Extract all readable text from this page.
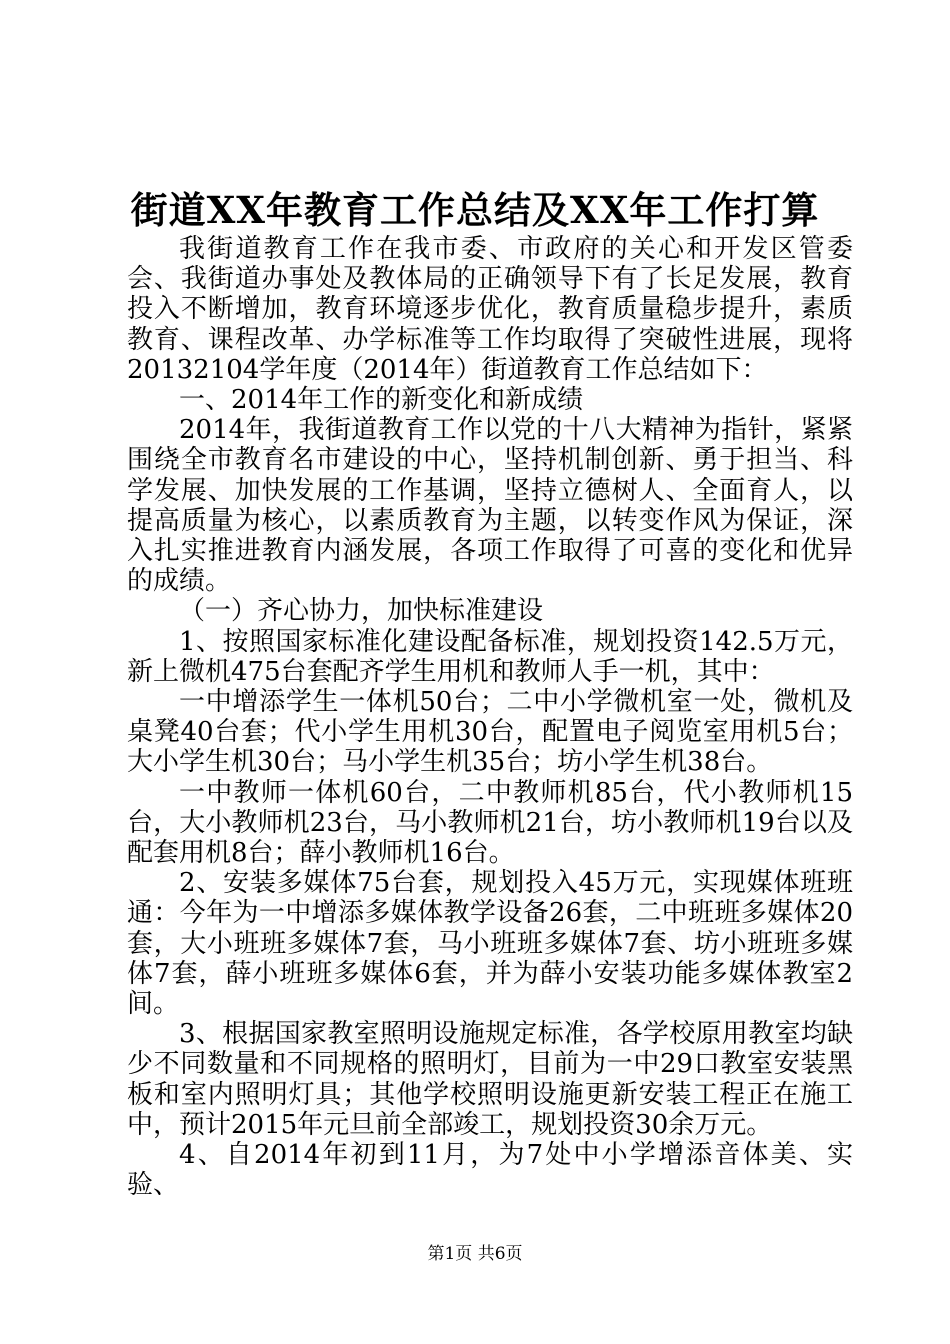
街道XX年教育工作总结及XX年工作打算

我街道教育工作在我市委、市政府的关心和开发区管委会、我街道办事处及教体局的正确领导下有了长足发展，教育投入不断增加，教育环境逐步优化，教育质量稳步提升，素质教育、课程改革、办学标准等工作均取得了突破性进展，现将20132104学年度（2014年）街道教育工作总结如下：

一、2014年工作的新变化和新成绩

2014年，我街道教育工作以党的十八大精神为指针，紧紧围绕全市教育名市建设的中心，坚持机制创新、勇于担当、科学发展、加快发展的工作基调，坚持立德树人、全面育人，以提高质量为核心，以素质教育为主题，以转变作风为保证，深入扎实推进教育内涵发展，各项工作取得了可喜的变化和优异的成绩。

（一）齐心协力，加快标准建设

1、按照国家标准化建设配备标准，规划投资142.5万元，新上微机475台套配齐学生用机和教师人手一机，其中：

一中增添学生一体机50台；二中小学微机室一处，微机及桌凳40台套；代小学生用机30台，配置电子阅览室用机5台；大小学生机30台；马小学生机35台；坊小学生机38台。

一中教师一体机60台，二中教师机85台，代小教师机15台，大小教师机23台，马小教师机21台，坊小教师机19台以及配套用机8台；薛小教师机16台。

2、安装多媒体75台套，规划投入45万元，实现媒体班班通：今年为一中增添多媒体教学设备26套，二中班班多媒体20套，大小班班多媒体7套，马小班班多媒体7套、坊小班班多媒体7套，薛小班班多媒体6套，并为薛小安装功能多媒体教室2间。

3、根据国家教室照明设施规定标准，各学校原用教室均缺少不同数量和不同规格的照明灯，目前为一中29口教室安装黑板和室内照明灯具；其他学校照明设施更新安装工程正在施工中，预计2015年元旦前全部竣工，规划投资30余万元。

4、自2014年初到11月，为7处中小学增添音体美、实验、

第1页 共6页
